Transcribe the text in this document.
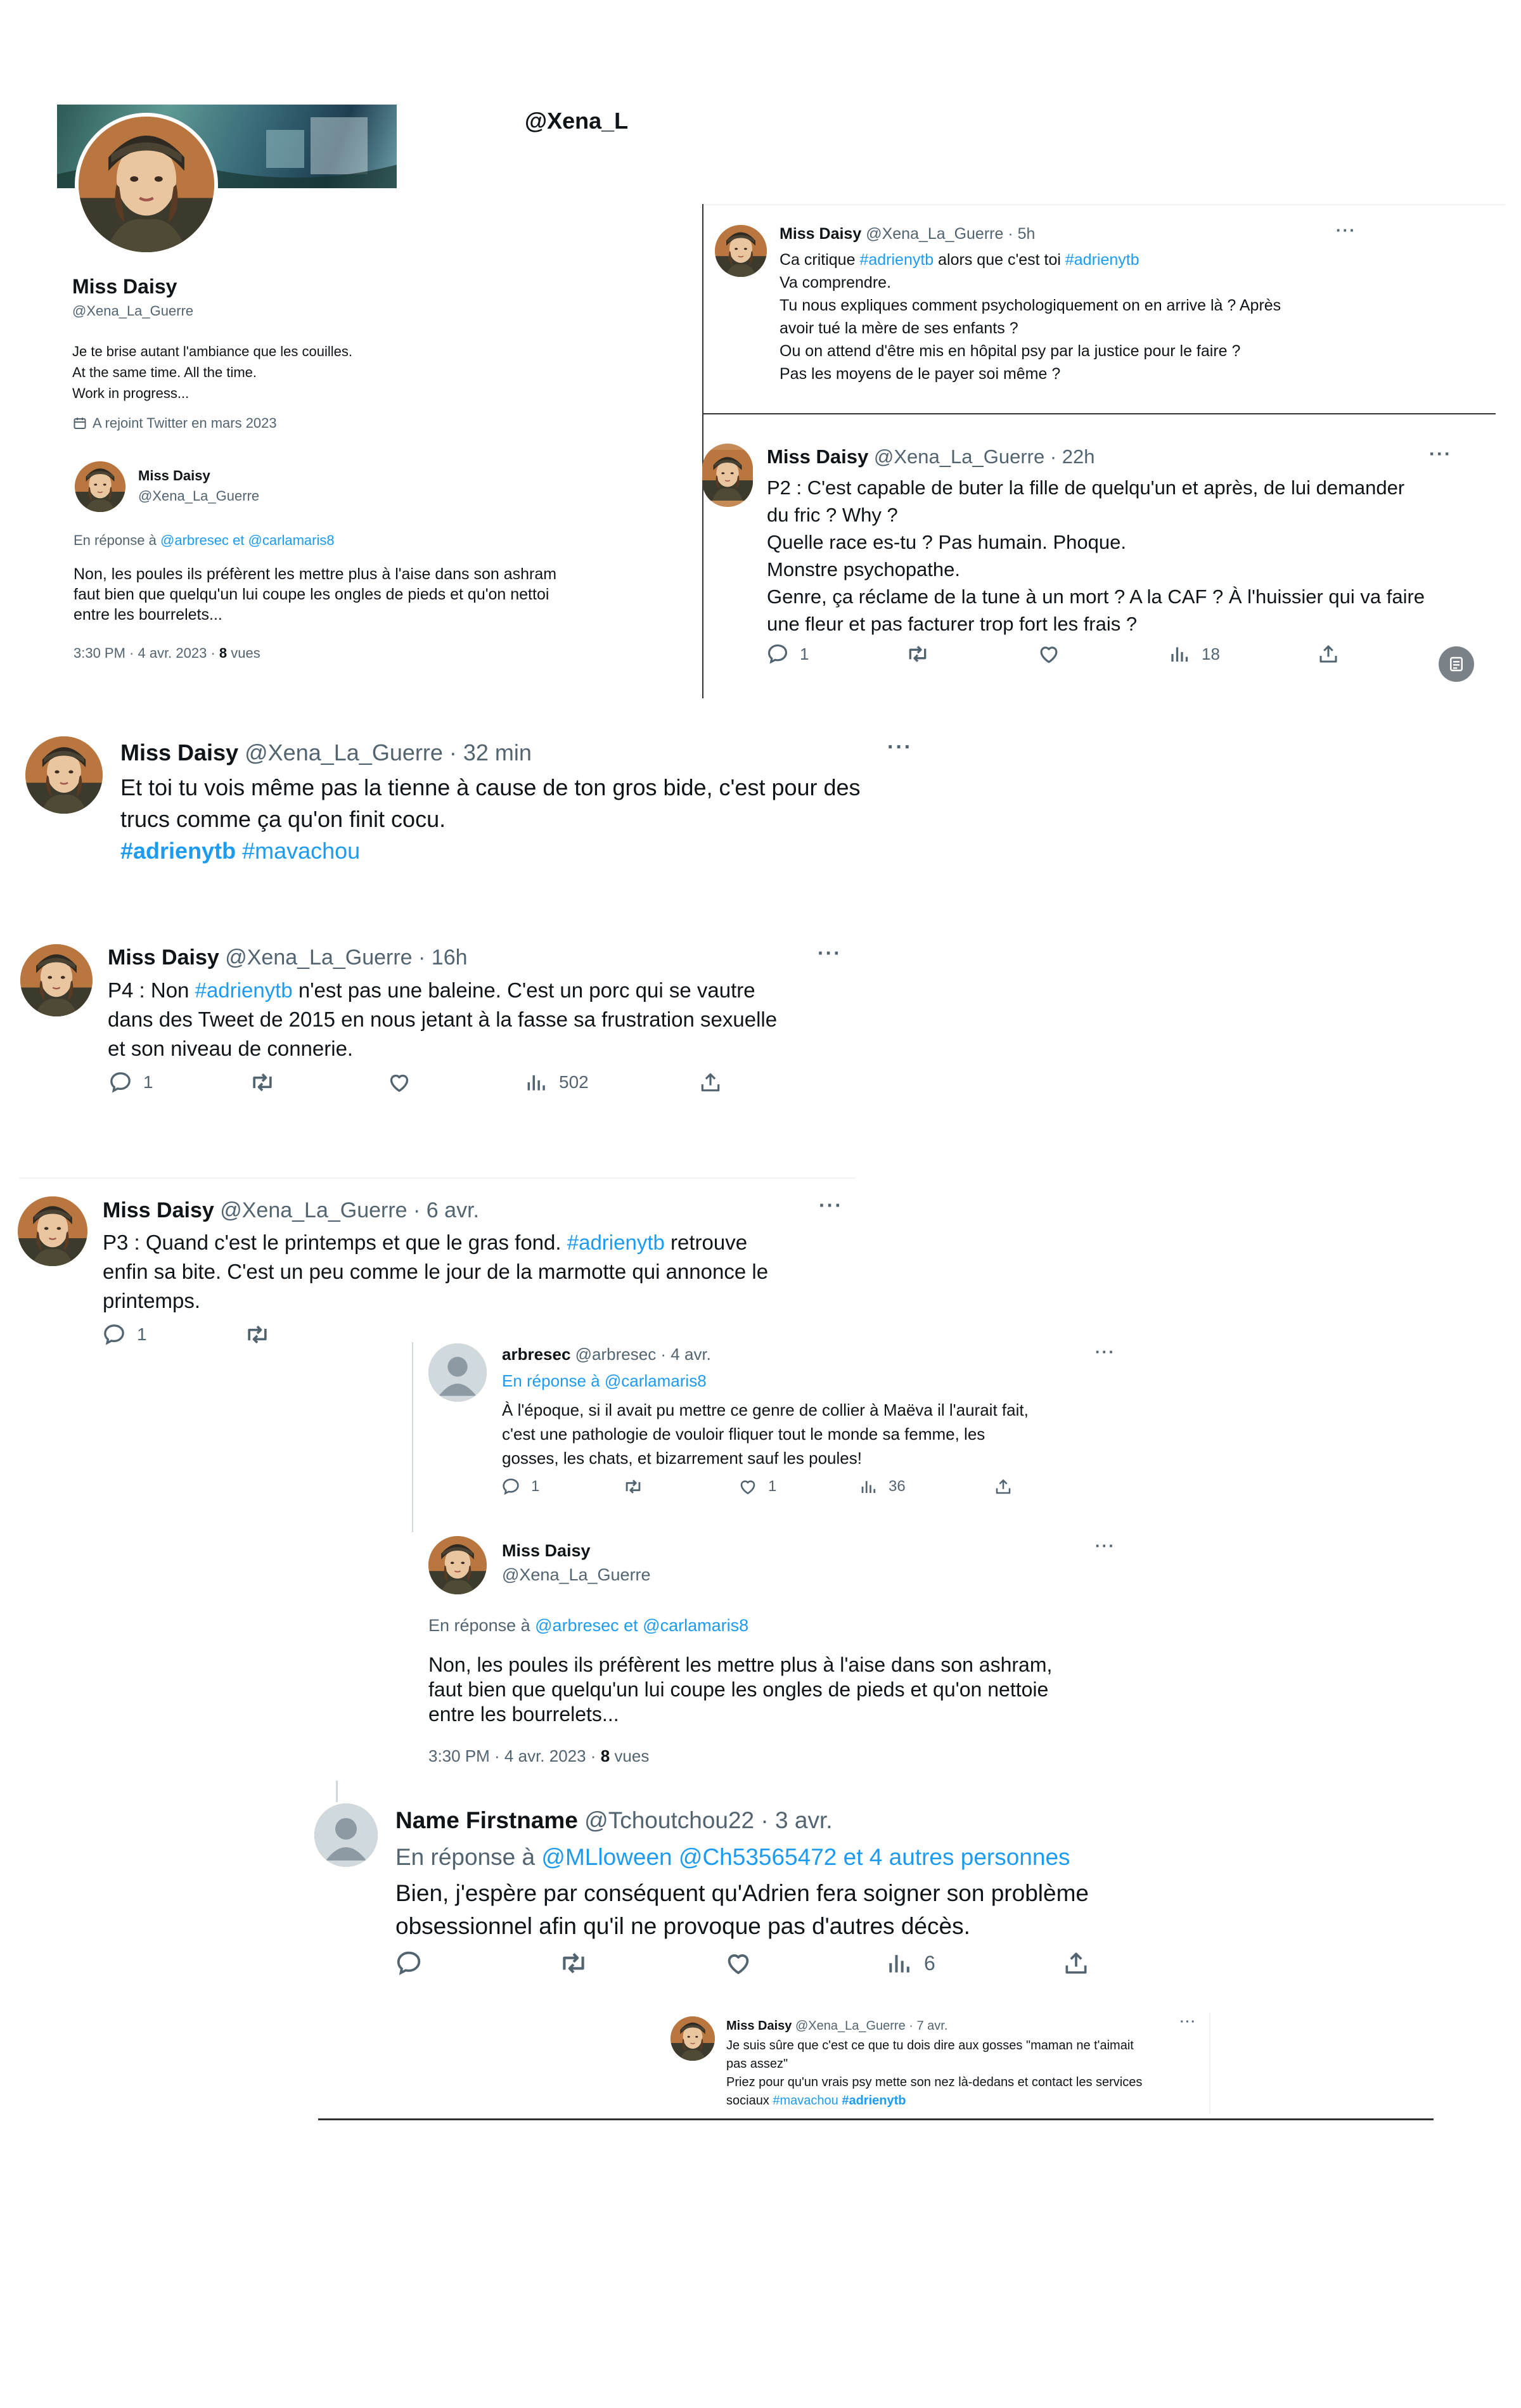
@Xena_L
Miss Daisy
@Xena_La_Guerre
Je te brise autant l'ambiance que les couilles.
At the same time. All the time.
Work in progress...
A rejoint Twitter en mars 2023
Miss Daisy
@Xena_La_Guerre
En réponse à @arbresec et @carlamaris8
Non, les poules ils préfèrent les mettre plus à l'aise dans son ashram
faut bien que quelqu'un lui coupe les ongles de pieds et qu'on nettoi
entre les bourrelets...
3:30 PM · 4 avr. 2023 · 8 vues
Miss Daisy @Xena_La_Guerre · 5h	···
Ca critique #adrienytb alors que c'est toi #adrienytb
Va comprendre.
Tu nous expliques comment psychologiquement on en arrive là ? Après
avoir tué la mère de ses enfants ?
Ou on attend d'être mis en hôpital psy par la justice pour le faire ?
Pas les moyens de le payer soi même ?
Miss Daisy @Xena_La_Guerre · 22h	···
P2 : C'est capable de buter la fille de quelqu'un et après, de lui demander
du fric ? Why ?
Quelle race es-tu ? Pas humain. Phoque.
Monstre psychopathe.
Genre, ça réclame de la tune à un mort ? A la CAF ? À l'huissier qui va faire
une fleur et pas facturer trop fort les frais ?
1	18
Miss Daisy @Xena_La_Guerre · 32 min	···
Et toi tu vois même pas la tienne à cause de ton gros bide, c'est pour des
trucs comme ça qu'on finit cocu.
#adrienytb #mavachou
Miss Daisy @Xena_La_Guerre · 16h	···
P4 : Non #adrienytb n'est pas une baleine. C'est un porc qui se vautre
dans des Tweet de 2015 en nous jetant à la fasse sa frustration sexuelle
et son niveau de connerie.
1	502
Miss Daisy @Xena_La_Guerre · 6 avr.	···
P3 : Quand c'est le printemps et que le gras fond. #adrienytb retrouve
enfin sa bite. C'est un peu comme le jour de la marmotte qui annonce le
printemps.
1
arbresec @arbresec · 4 avr.	···
En réponse à @carlamaris8
À l'époque, si il avait pu mettre ce genre de collier à Maëva il l'aurait fait,
c'est une pathologie de vouloir fliquer tout le monde sa femme, les
gosses, les chats, et bizarrement sauf les poules!
1	1	36
Miss Daisy
@Xena_La_Guerre
···
En réponse à @arbresec et @carlamaris8
Non, les poules ils préfèrent les mettre plus à l'aise dans son ashram,
faut bien que quelqu'un lui coupe les ongles de pieds et qu'on nettoie
entre les bourrelets...
3:30 PM · 4 avr. 2023 · 8 vues
Name Firstname @Tchoutchou22 · 3 avr.
En réponse à @MLloween @Ch53565472 et 4 autres personnes
Bien, j'espère par conséquent qu'Adrien fera soigner son problème
obsessionnel afin qu'il ne provoque pas d'autres décès.
6
Miss Daisy @Xena_La_Guerre · 7 avr.	···
Je suis sûre que c'est ce que tu dois dire aux gosses "maman ne t'aimait
pas assez"
Priez pour qu'un vrais psy mette son nez là-dedans et contact les services
sociaux #mavachou #adrienytb
